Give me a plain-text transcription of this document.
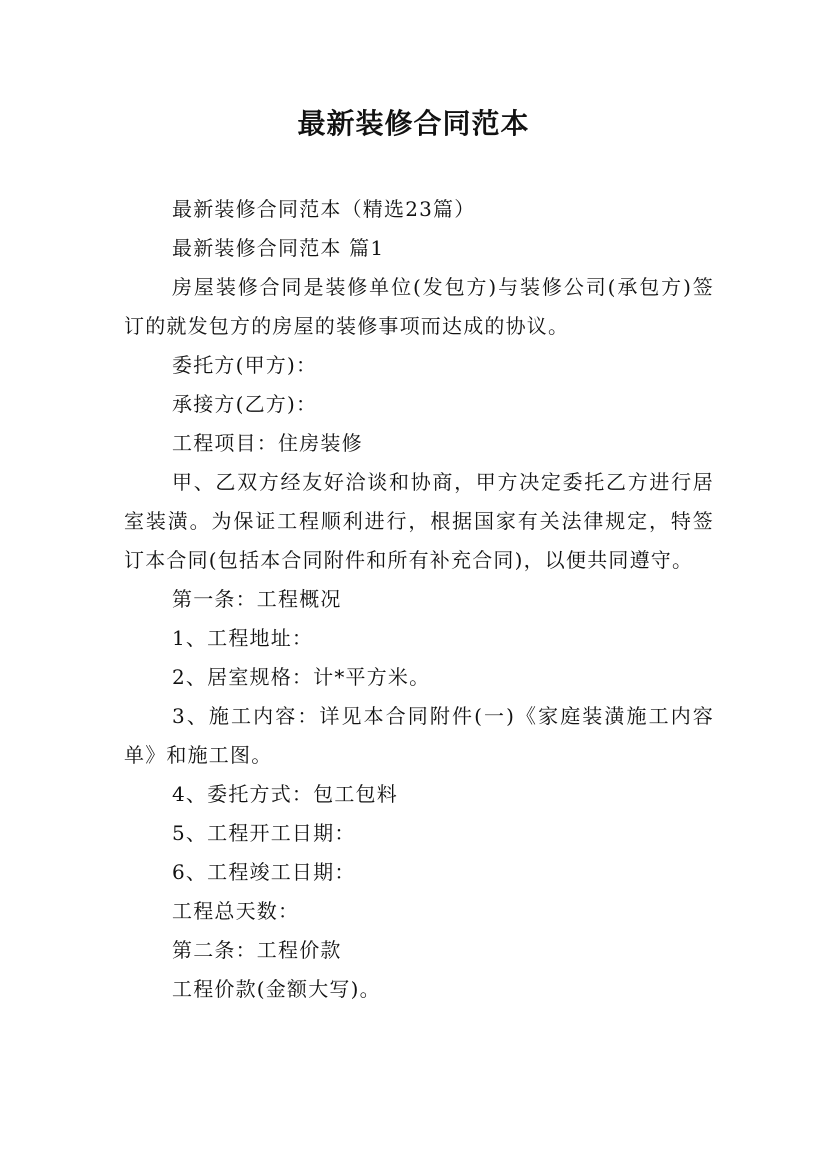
最新装修合同范本

最新装修合同范本（精选23篇）

最新装修合同范本 篇1

房屋装修合同是装修单位(发包方)与装修公司(承包方)签订的就发包方的房屋的装修事项而达成的协议。

委托方(甲方)：

承接方(乙方)：

工程项目：住房装修

甲、乙双方经友好洽谈和协商，甲方决定委托乙方进行居室装潢。为保证工程顺利进行，根据国家有关法律规定，特签订本合同(包括本合同附件和所有补充合同)，以便共同遵守。

第一条：工程概况

1、工程地址：

2、居室规格：计*平方米。

3、施工内容：详见本合同附件(一)《家庭装潢施工内容单》和施工图。

4、委托方式：包工包料

5、工程开工日期：

6、工程竣工日期：

工程总天数：

第二条：工程价款

工程价款(金额大写)。
